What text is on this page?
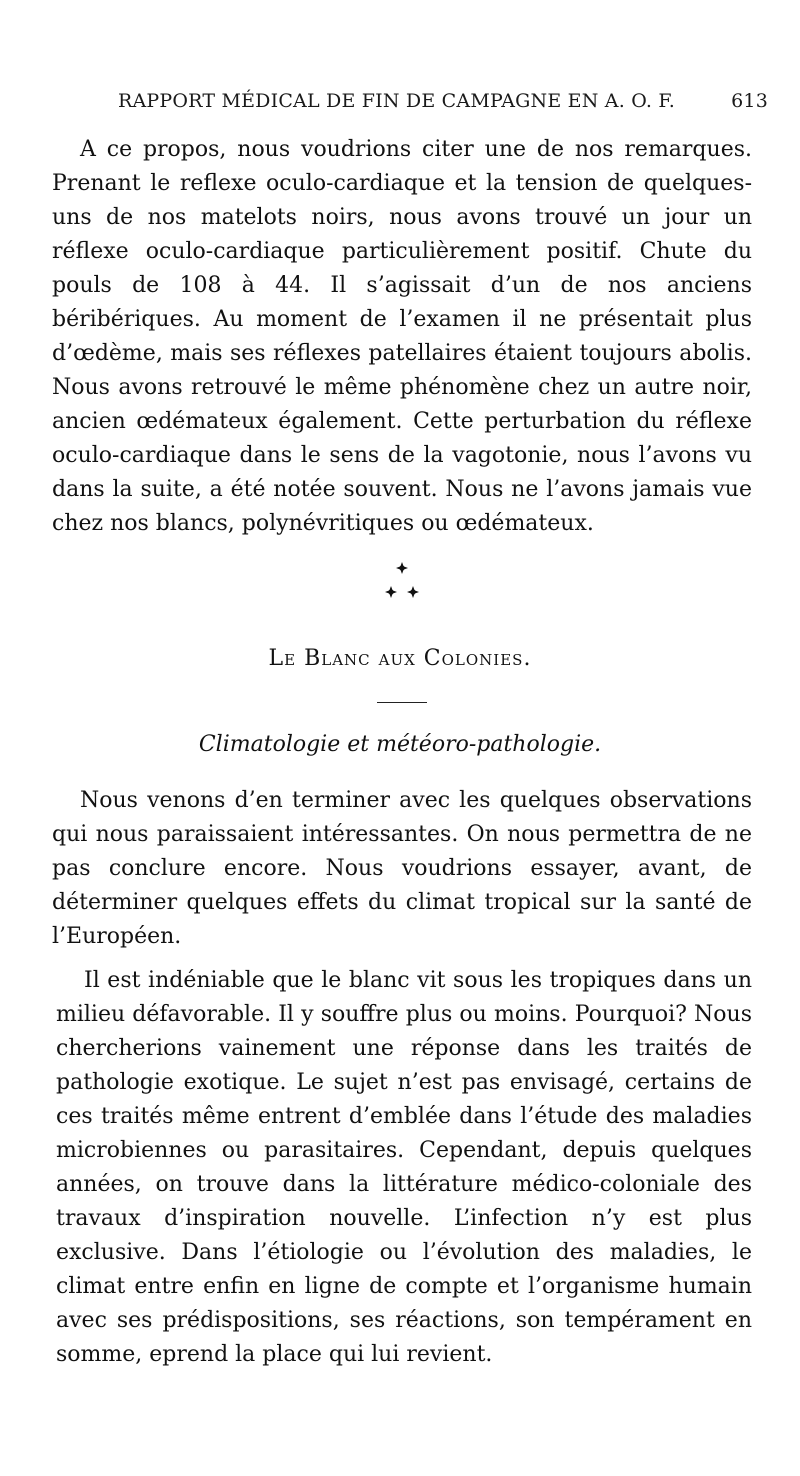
RAPPORT MÉDICAL DE FIN DE CAMPAGNE EN A. O. F.	613

A ce propos, nous voudrions citer une de nos remarques. Prenant le reflexe oculo-cardiaque et la tension de quelques-uns de nos matelots noirs, nous avons trouvé un jour un réflexe oculo-cardiaque particulièrement positif. Chute du pouls de 108 à 44. Il s’agissait d’un de nos anciens béribériques. Au moment de l’examen il ne présentait plus d’œdème, mais ses réflexes patellaires étaient toujours abolis. Nous avons retrouvé le même phénomène chez un autre noir, ancien œdémateux également. Cette perturbation du réflexe oculo-cardiaque dans le sens de la vagotonie, nous l’avons vu dans la suite, a été notée souvent. Nous ne l’avons jamais vue chez nos blancs, polynévritiques ou œdémateux.

Le Blanc aux Colonies.
Climatologie et météoro-pathologie.

Nous venons d’en terminer avec les quelques observations qui nous paraissaient intéressantes. On nous permettra de ne pas conclure encore. Nous voudrions essayer, avant, de déterminer quelques effets du climat tropical sur la santé de l’Européen.

Il est indéniable que le blanc vit sous les tropiques dans un milieu défavorable. Il y souffre plus ou moins. Pourquoi? Nous chercherions vainement une réponse dans les traités de pathologie exotique. Le sujet n’est pas envisagé, certains de ces traités même entrent d’emblée dans l’étude des maladies microbiennes ou parasitaires. Cependant, depuis quelques années, on trouve dans la littérature médico-coloniale des travaux d’inspiration nouvelle. L’infection n’y est plus exclusive. Dans l’étiologie ou l’évolution des maladies, le climat entre enfin en ligne de compte et l’organisme humain avec ses prédispositions, ses réactions, son tempérament en somme, eprend la place qui lui revient.
